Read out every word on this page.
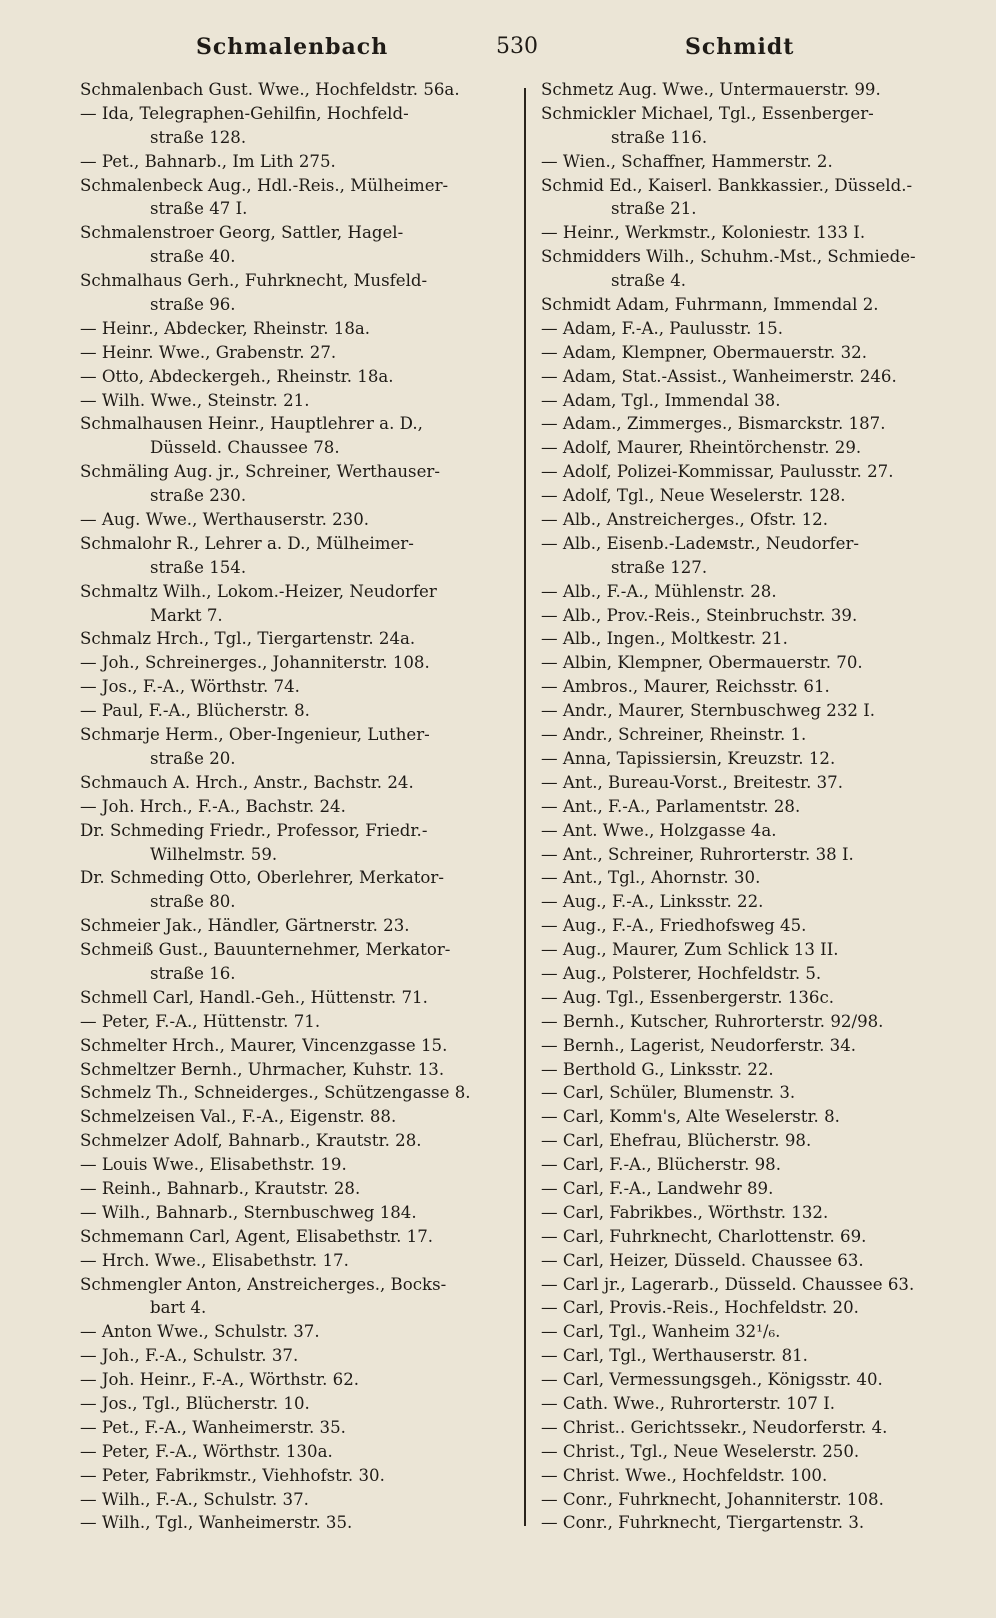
Schmalenbach	530	Schmidt
Schmalenbach Gust. Wwe., Hochfeldstr. 56a.
— Ida, Telegraphen-Gehilfin, Hochfeld-
straße 128.
— Pet., Bahnarb., Im Lith 275.
Schmalenbeck Aug., Hdl.-Reis., Mülheimer-
straße 47 I.
Schmalenstroer Georg, Sattler, Hagel-
straße 40.
Schmalhaus Gerh., Fuhrknecht, Musfeld-
straße 96.
— Heinr., Abdecker, Rheinstr. 18a.
— Heinr. Wwe., Grabenstr. 27.
— Otto, Abdeckergeh., Rheinstr. 18a.
— Wilh. Wwe., Steinstr. 21.
Schmalhausen Heinr., Hauptlehrer a. D.,
Düsseld. Chaussee 78.
Schmäling Aug. jr., Schreiner, Werthauser-
straße 230.
— Aug. Wwe., Werthauserstr. 230.
Schmalohr R., Lehrer a. D., Mülheimer-
straße 154.
Schmaltz Wilh., Lokom.-Heizer, Neudorfer
Markt 7.
Schmalz Hrch., Tgl., Tiergartenstr. 24a.
— Joh., Schreinerges., Johanniterstr. 108.
— Jos., F.-A., Wörthstr. 74.
— Paul, F.-A., Blücherstr. 8.
Schmarje Herm., Ober-Ingenieur, Luther-
straße 20.
Schmauch A. Hrch., Anstr., Bachstr. 24.
— Joh. Hrch., F.-A., Bachstr. 24.
Dr. Schmeding Friedr., Professor, Friedr.-
Wilhelmstr. 59.
Dr. Schmeding Otto, Oberlehrer, Merkator-
straße 80.
Schmeier Jak., Händler, Gärtnerstr. 23.
Schmeiß Gust., Bauunternehmer, Merkator-
straße 16.
Schmell Carl, Handl.-Geh., Hüttenstr. 71.
— Peter, F.-A., Hüttenstr. 71.
Schmelter Hrch., Maurer, Vincenzgasse 15.
Schmeltzer Bernh., Uhrmacher, Kuhstr. 13.
Schmelz Th., Schneiderges., Schützengasse 8.
Schmelzeisen Val., F.-A., Eigenstr. 88.
Schmelzer Adolf, Bahnarb., Krautstr. 28.
— Louis Wwe., Elisabethstr. 19.
— Reinh., Bahnarb., Krautstr. 28.
— Wilh., Bahnarb., Sternbuschweg 184.
Schmemann Carl, Agent, Elisabethstr. 17.
— Hrch. Wwe., Elisabethstr. 17.
Schmengler Anton, Anstreicherges., Bocks-
bart 4.
— Anton Wwe., Schulstr. 37.
— Joh., F.-A., Schulstr. 37.
— Joh. Heinr., F.-A., Wörthstr. 62.
— Jos., Tgl., Blücherstr. 10.
— Pet., F.-A., Wanheimerstr. 35.
— Peter, F.-A., Wörthstr. 130a.
— Peter, Fabrikmstr., Viehhofstr. 30.
— Wilh., F.-A., Schulstr. 37.
— Wilh., Tgl., Wanheimerstr. 35.
Schmetz Aug. Wwe., Untermauerstr. 99.
Schmickler Michael, Tgl., Essenberger-
straße 116.
— Wien., Schaffner, Hammerstr. 2.
Schmid Ed., Kaiserl. Bankkassier., Düsseld.-
straße 21.
— Heinr., Werkmstr., Koloniestr. 133 I.
Schmidders Wilh., Schuhm.-Mst., Schmiede-
straße 4.
Schmidt Adam, Fuhrmann, Immendal 2.
— Adam, F.-A., Paulusstr. 15.
— Adam, Klempner, Obermauerstr. 32.
— Adam, Stat.-Assist., Wanheimerstr. 246.
— Adam, Tgl., Immendal 38.
— Adam., Zimmerges., Bismarckstr. 187.
— Adolf, Maurer, Rheintörchenstr. 29.
— Adolf, Polizei-Kommissar, Paulusstr. 27.
— Adolf, Tgl., Neue Weselerstr. 128.
— Alb., Anstreicherges., Ofstr. 12.
— Alb., Eisenb.-Ladeмstr., Neudorfer-
straße 127.
— Alb., F.-A., Mühlenstr. 28.
— Alb., Prov.-Reis., Steinbruchstr. 39.
— Alb., Ingen., Moltkestr. 21.
— Albin, Klempner, Obermauerstr. 70.
— Ambros., Maurer, Reichsstr. 61.
— Andr., Maurer, Sternbuschweg 232 I.
— Andr., Schreiner, Rheinstr. 1.
— Anna, Tapissiersin, Kreuzstr. 12.
— Ant., Bureau-Vorst., Breitestr. 37.
— Ant., F.-A., Parlamentstr. 28.
— Ant. Wwe., Holzgasse 4a.
— Ant., Schreiner, Ruhrorterstr. 38 I.
— Ant., Tgl., Ahornstr. 30.
— Aug., F.-A., Linksstr. 22.
— Aug., F.-A., Friedhofsweg 45.
— Aug., Maurer, Zum Schlick 13 II.
— Aug., Polsterer, Hochfeldstr. 5.
— Aug. Tgl., Essenbergerstr. 136c.
— Bernh., Kutscher, Ruhrorterstr. 92/98.
— Bernh., Lagerist, Neudorferstr. 34.
— Berthold G., Linksstr. 22.
— Carl, Schüler, Blumenstr. 3.
— Carl, Komm's, Alte Weselerstr. 8.
— Carl, Ehefrau, Blücherstr. 98.
— Carl, F.-A., Blücherstr. 98.
— Carl, F.-A., Landwehr 89.
— Carl, Fabrikbes., Wörthstr. 132.
— Carl, Fuhrknecht, Charlottenstr. 69.
— Carl, Heizer, Düsseld. Chaussee 63.
— Carl jr., Lagerarb., Düsseld. Chaussee 63.
— Carl, Provis.-Reis., Hochfeldstr. 20.
— Carl, Tgl., Wanheim 32¹/₆.
— Carl, Tgl., Werthauserstr. 81.
— Carl, Vermessungsgeh., Königsstr. 40.
— Cath. Wwe., Ruhrorterstr. 107 I.
— Christ.. Gerichtssekr., Neudorferstr. 4.
— Christ., Tgl., Neue Weselerstr. 250.
— Christ. Wwe., Hochfeldstr. 100.
— Conr., Fuhrknecht, Johanniterstr. 108.
— Conr., Fuhrknecht, Tiergartenstr. 3.
